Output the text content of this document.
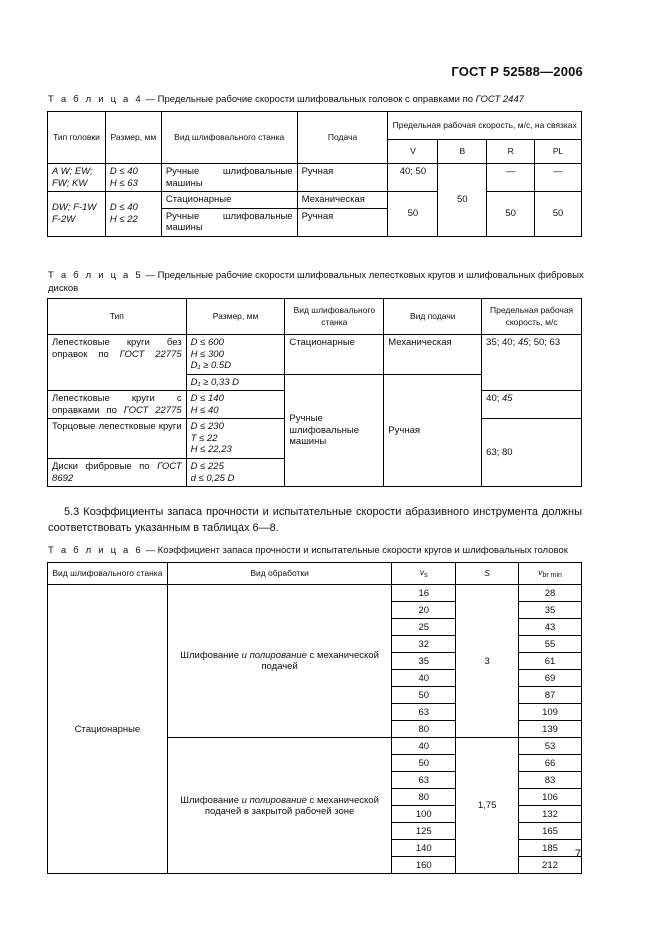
ГОСТ Р 52588—2006
Т а б л и ц а 4 — Предельные рабочие скорости шлифовальных головок с оправками по ГОСТ 2447
Тип головки	Размер, мм	Вид шлифовального станка	Подача	Предельная рабочая скорость, м/с, на связках			
				V	B	R	PL
A W; EW; FW; KW	D ≤ 40
H ≤ 63	Ручные шлифовальные машины	Ручная	40; 50	50	—	—
DW; F-1W F-2W	D ≤ 40
H ≤ 22	Стационарные	Механическая	50		50	50
		Ручные шлифовальные машины	Ручная				
Т а б л и ц а 5 — Предельные рабочие скорости шлифовальных лепестковых кругов и шлифовальных фибровых дисков
Тип	Размер, мм	Вид шлифовального станка	Вид подачи	Предельная рабочая скорость, м/с
Лепестковые круги без оправок по ГОСТ 22775	D ≤ 600
H ≤ 300
D₁ ≥ 0.5D	Стационарные	Механическая	35; 40; 45; 50; 63
	D₁ ≥ 0,33 D	Ручные шлифовальные машины	Ручная	
Лепестковые круги с оправками по ГОСТ 22775	D ≤ 140
H ≤ 40			40; 45
Торцовые лепестковые круги	D ≤ 230
T ≤ 22
H ≤ 22,23			63; 80
Диски фибровые по ГОСТ 8692	D ≤ 225
d ≤ 0,25 D			
5.3 Коэффициенты запаса прочности и испытательные скорости абразивного инструмента должны соответствовать указанным в таблицах 6—8.
Т а б л и ц а 6 — Коэффициент запаса прочности и испытательные скорости кругов и шлифовальных головок
Вид шлифовального станка	Вид обработки	$v_s$	S	$v_{br min}$
Стационарные	Шлифование и полирование с механической подачей	16	3	28
		20		35
		25		43
		32		55
		35		61
		40		69
		50		87
		63		109
		80		139
	Шлифование и полирование с механической подачей в закрытой рабочей зоне	40	1,75	53
		50		66
		63		83
		80		106
		100		132
		125		165
		140		185
		160		212
7
